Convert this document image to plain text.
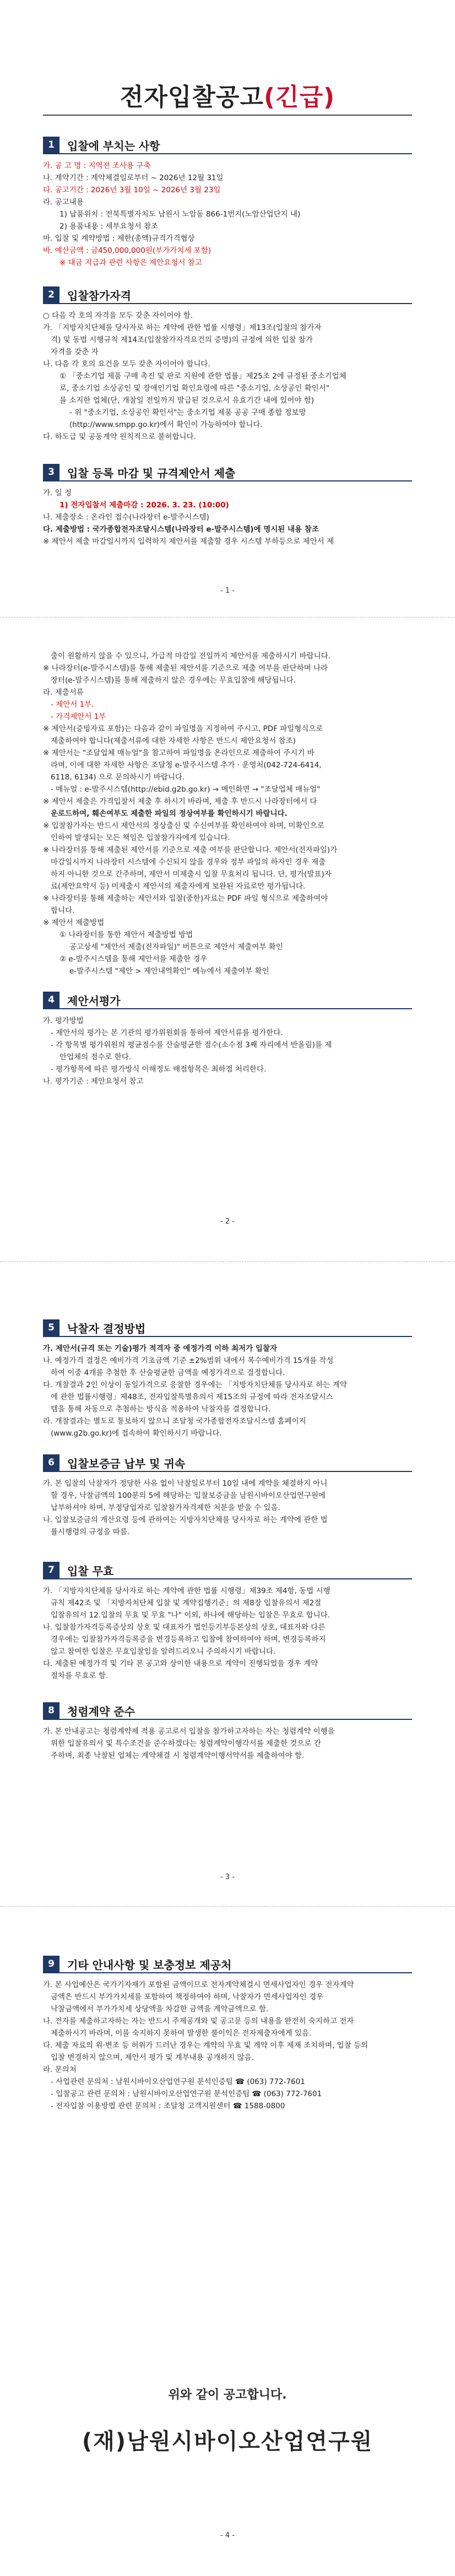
전자입찰공고(긴급)
1	입찰에 부치는 사항
가. 공 고 명 : 지역전 조사용 구축
나. 계약기간 : 계약체결일로부터 ~ 2026년 12월 31일
다. 공고기간 : 2026년 3월 10일 ~ 2026년 3월 23일
라. 공고내용
1) 납품위치 : 전북특별자치도 남원시 노암동 866-1번지(노암산업단지 내)
2) 용품내용 : 세부요청서 참조
마. 입찰 및 계약방법 : 제한(총액)규격가격협상
바. 예산금액 : 금450,000,000원(부가가치세 포함)
※ 대금 지급과 관련 사항은 제안요청서 참고
2	입찰참가자격
○ 다음 각 호의 자격을 모두 갖춘 자이어야 함.
가. 「지방자치단체를 당사자로 하는 계약에 관한 법률 시행령」제13조(입찰의 참가자
격) 및 동법 시행규칙 제14조(입찰참가자격요건의 증명)의 규정에 의한 입찰 참가
자격을 갖춘 자
나. 다음 각 호의 요건을 모두 갖춘 자이어야 합니다.
① 「중소기업 제품 구매 촉진 및 판로 지원에 관한 법률」제25조 2에 규정된 중소기업체
로, 중소기업 소상공인 및 장애인기업 확인요령에 따른 "중소기업, 소상공인 확인서"
를 소지한 업체(단, 개찰일 전일까지 발급된 것으로서 유효기간 내에 있어야 함)
- 위 "중소기업, 소상공인 확인서"는 중소기업 제품 공공 구매 종합 정보망
(http://www.smpp.go.kr)에서 확인이 가능하여야 합니다.
다. 하도급 및 공동계약 원칙적으로 불허합니다.
3	입찰 등록 마감 및 규격제안서 제출
가. 일 정
1) 전자입찰서 제출마감 : 2026. 3. 23. (10:00)
나. 제출장소 : 온라인 접수(나라장터 e-발주시스템)
다. 제출방법 : 국가종합전자조달시스템(나라장터 e-발주시스템)에 명시된 내용 참조
※ 제안서 제출 마감일시까지 입력하지 제안서를 제출할 경우 시스템 부하등으로 제안서 제
- 1 -
출이 원활하지 않을 수 있으니, 가급적 마감일 전일까지 제안서를 제출하시기 바랍니다.
※ 나라장터(e-발주시스템)를 통해 제출된 제안서를 기준으로 제출 여부를 판단하며 나라
장터(e-발주시스템)를 통해 제출하지 않은 경우에는 무효입찰에 해당됩니다.
라. 제출서류
- 제안서 1부.
- 가격제안서 1부
※ 제안서(증빙자료 포함)는 다음과 같이 파일명을 지정하여 주시고, PDF 파일형식으로
제출하여야 합니다(제출서류에 대한 자세한 사항은 반드시 제안요청서 참조)
※ 제안서는 "조달업체 매뉴얼"을 참고하여 파일명을 온라인으로 제출하여 주시기 바
라며, 이에 대한 자세한 사항은 조달청 e-발주시스템 추가 · 운영처(042-724-6414,
6118, 6134) 으로 문의하시기 바랍니다.
- 매뉴얼 : e-발주시스템(http://ebid.g2b.go.kr) → 메인화면 → "조달업체 매뉴얼"
※ 제안서 제출은 가격입찰서 제출 후 하시기 바라며, 제출 후 반드시 나라장터에서 다
운로드하여, 훼손여부도 제출한 파일의 정상여부를 확인하시기 바랍니다.
※ 입찰참가자는 반드시 제안서의 정상출신 및 수신여부를 확인하여야 하며, 미확인으로
인하여 발생되는 모든 책임은 입찰참가자에게 있습니다.
※ 나라장터를 통해 제출된 제안서를 기준으로 제출 여부를 판단합니다. 제안서(전자파일)가
마감일시까지 나라장터 시스템에 수신되지 않을 경우와 정부 파일의 하자인 경우 제출
하지 아니한 것으로 간주하며, 제안서 미제출시 입찰 무효처리 됩니다. 단, 평가(발표)자
료(제안요약서 등) 미제출시 제안서의 제출자에게 보완된 자료로만 평가됩니다.
※ 나라장터를 통해 제출하는 제안서와 입찰(중한)자료는 PDF 파일 형식으로 제출하여야
합니다.
※ 제안서 제출방법
① 나라장터를 통한 제안서 제출방법 방법
공고상세 "제안서 제출(전자파일)" 버튼으로 제안서 제출여부 확인
② e-발주시스템을 통해 제안서를 제출한 경우
e-발주시스템 "제안 > 제안내역확인" 메뉴에서 제출여부 확인
4	제안서평가
가. 평가방법
- 제안서의 평가는 본 기관의 평가위원회를 통하여 제안서류를 평가한다.
- 각 항목별 평가위원의 평균점수를 산술평균한 점수(소수점 3째 자리에서 반올림)를 제
안업체의 점수로 한다.
- 평가항목에 따른 평가방식 이해정도 배점항목은 최하점 처리한다.
나. 평가기준 : 제안요청서 참고
- 2 -
5	낙찰자 결정방법
가. 제안서(규격 또는 기술)평가 적격자 중 예정가격 이하 최저가 입찰자
나. 예정가격 결정은 예비가격 기초금액 기준 ±2%범위 내에서 복수예비가격 15개를 작성
하여 이중 4개를 추첨한 후 산술평균한 금액을 예정가격으로 결정합니다.
다. 개찰결과 2인 이상이 동일가격으로 응찰한 경우에는 「지방자치단체를 당사자로 하는 계약
에 관한 법률시행령」제48조, 전자입찰특별유의서 제15조의 규정에 따라 전자조달시스
템을 통해 자동으로 추첨하는 방식을 적용하여 낙찰자를 결정합니다.
라. 개찰결과는 별도로 통보하지 않으니 조달청 국가종합전자조달시스템 홈페이지
(www.g2b.go.kr)에 접속하여 확인하시기 바랍니다.
6	입찰보증금 납부 및 귀속
가. 본 입찰의 낙찰자가 정당한 사유 없이 낙찰일로부터 10일 내에 계약을 체결하지 아니
할 경우, 낙찰금액의 100분의 5에 해당하는 입찰보증금을 남원시바이오산업연구원에
납부하셔야 하며, 부정당업자로 입찰참가자격제한 처분을 받을 수 있음.
나. 입찰보증금의 계산요령 등에 관하여는 지방자치단체를 당사자로 하는 계약에 관한 법
률시행령의 규정을 따름.
7	입찰 무효
가. 「지방자치단체를 당사자로 하는 계약에 관한 법률 시행령」제39조 제4항, 동법 시행
규칙 제42조 및 「지방자치단체 입찰 및 계약집행기준」의 제8장 입찰유의서 제2절
입찰유의서 12.입찰의 무효 및 무효 "나" 이외, 하나에 해당하는 입찰은 무효로 합니다.
나. 입찰참가자격등록증상의 상호 및 대표자가 법인등기부등본상의 상호, 대표자와 다른
경우에는 입찰참가자격등록증을 변경등록하고 입찰에 참여하여야 하며, 변경등록하지
않고 참여한 입찰은 무효입찰임을 알려드리오니 주의하시기 바랍니다.
다. 제출된 예정가격 및 기타 본 공고와 상이한 내용으로 계약이 진행되었을 경우 계약
절차를 무효로 함.
8	청렴계약 준수
가. 본 안내공고는 청렴계약제 적용 공고로서 입찰을 참가하고자하는 자는 청렴계약 이행을
위한 입찰유의서 및 특수조건을 준수하겠다는 청렴계약이행각서를 제출한 것으로 간
주하며, 최종 낙찰된 업체는 계약체결 시 청렴계약이행서약서를 제출하여야 함.
- 3 -
9	기타 안내사항 및 보충정보 제공처
가. 본 사업예산은 국가기자재가 포함된 금액이므로 전자계약체결시 면세사업자인 경우 전자계약
금액은 반드시 부가가치세를 포함하여 책정하여야 하며, 낙찰자가 면세사업자인 경우
낙찰금액에서 부가가치세 상당액을 차감한 금액을 계약금액으로 함.
나. 전자를 제출하고자하는 자는 반드시 주제공개와 및 공고문 등의 내용을 완전히 숙지하고 전자
제출하시기 바라며, 이를 숙지하지 못하여 발생한 불이익은 전자제출자에게 있음.
다. 제출 자료의 위·변조 등 허위가 드러난 경우는 계약의 무효 및 계약 이후 제재 조치하며, 입찰 등의
입찰 변경하지 않으며, 제안서 평가 및 계부내용 공개하지 않음.
라. 문의처
- 사업관련 문의처 : 남원시바이오산업연구원 분석인증팀 ☎ (063) 772-7601
- 입찰공고 관련 문의처 : 남원시바이오산업연구원 분석인증팀 ☎ (063) 772-7601
- 전자입찰 이용방법 관련 문의처 : 조달청 고객지원센터 ☎ 1588-0800
위와 같이 공고합니다.
(재)남원시바이오산업연구원
- 4 -
